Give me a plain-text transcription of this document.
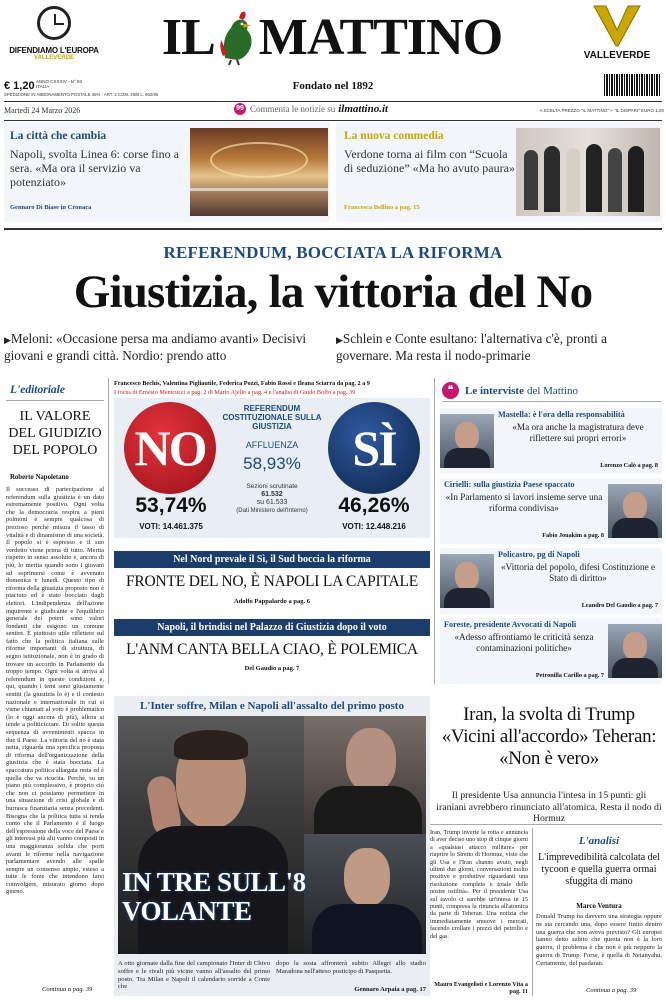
DIFENDIAMO L'EUROPA
VALLEVERDE	IL MATTINO	VALLEVERDE
€ 1,20 ANNO CXXXIV - N° 83
ITALIA
SPEDIZIONE IN ABBONAMENTO POSTALE 45% - ART. 2 COM. 20/B L. 662/96
Fondato nel 1892
Martedì 24 Marzo 2026	99 Commenta le notizie su ilmattino.it	A SCELTA PREZZO "IL MATTINO" + "IL DISPARI" EURO 1,20
La città che cambia
Napoli, svolta Linea 6: corse fino a sera. «Ma ora il servizio va potenziato»
Gennaro Di Biase in Cronaca
La nuova commedia
Verdone torna ai film con “Scuola di seduzione” «Ma ho avuto paura»
Francesca Bellino a pag. 15
REFERENDUM, BOCCIATA LA RIFORMA
Giustizia, la vittoria del No
▶Meloni: «Occasione persa ma andiamo avanti» Decisivi giovani e grandi città. Nordio: prendo atto
▶Schlein e Conte esultano: l'alternativa c'è, pronti a governare. Ma resta il nodo-primarie
L'editoriale
IL VALORE DEL GIUDIZIO DEL POPOLO
Roberto Napoletano
Il successo di partecipazione al referendum sulla giustizia è un dato estremamente positivo. Ogni volta che la democrazia respira a pieni polmoni è sempre qualcosa di prezioso perché misura il tasso di vitalità e di dinamismo di una società. Il popolo si è espresso e il suo verdetto viene prima di tutto. Merita rispetto in senso assoluto e, ancora di più, lo merita quando sono i giovani ad esprimersi come è avvenuto domenica e lunedì. Questo tipo di riforma della giustizia proposto non è piaciuto ed è stato bocciato dagli elettori. L'indipendenza dell'azione inquirente e giudicante e l'equilibrio generale dei poteri sono valori fondanti che esigono un comune sentire. È piuttosto utile riflettere sul fatto che la politica italiana sulle riforme importanti di struttura, di segno istituzionale, non è in grado di trovare un accordo in Parlamento da troppo tempo. Ogni volta si arriva al referendum in queste condizioni e, qui, quando i temi sono giustamente sentiti (la giustizia lo è) e il contesto nazionale e internazionale in cui si viene chiamati al voto è problematico (lo è oggi ancora di più), allora si tende a politicizzare. Di solito questa sequenza di avvenimenti spacca in due il Paese. La vittoria del no è stata netta, riguarda una specifica proposta di riforma dell'organizzazione della giustizia che è stata bocciata. La spaccatura politica allargata resta ed è quella che va ricucita. Perché, su un piano più complessivo, è proprio ciò che non ci possiamo permettere in una situazione di crisi globale e di burrasca finanziaria senza precedenti. Bisogna che la politica tutta si renda conto che il Parlamento è il luogo dell'espressione della voce del Paese e gli interessi più alti vanno composti in una maggioranza solida che porti avanti le riforme nella navigazione parlamentare avendo alle spalle sempre un consenso ampio, esteso a tutte le forze che intendono farsi coinvolgere, misurato giorno dopo giorno.
Continua a pag. 39
Francesco Bechis, Valentina Pigliautile, Federica Pozzi, Fabio Rossi e Ileana Sciarra da pag. 2 a 9
I focus di Ernesto Menicucci a pag. 2 di Mario Ajello a pag. 4 e l'analisi di Guido Boffo a pag. 39
NO	SÌ
REFERENDUM COSTITUZIONALE SULLA GIUSTIZIA
AFFLUENZA
58,93%
Sezioni scrutinate
61.532
su 61.533
(Dati Ministero dell'Interno)
53,74%
VOTI: 14.461.375
46,26%
VOTI: 12.448.216
Nel Nord prevale il Sì, il Sud boccia la riforma
FRONTE DEL NO, È NAPOLI LA CAPITALE
Adolfo Pappalardo a pag. 6
Napoli, il brindisi nel Palazzo di Giustizia dopo il voto
L'ANM CANTA BELLA CIAO, È POLEMICA
Del Gaudio a pag. 7
❝	Le interviste del Mattino
Mastella: è l'ora della responsabilità
«Ma ora anche la magistratura deve riflettere sui propri errori»
Lorenzo Calò a pag. 8
Cirielli: sulla giustizia Paese spaccato
«In Parlamento si lavori insieme serve una riforma condivisa»
Fabio Jouakim a pag. 8
Policastro, pg di Napoli
«Vittoria del popolo, difesi Costituzione e Stato di diritto»
Leandro Del Gaudio a pag. 7
Foreste, presidente Avvocati di Napoli
«Adesso affrontiamo le criticità senza contaminazioni politiche»
Petronilla Carillo a pag. 7
L'Inter soffre, Milan e Napoli all'assalto del primo posto
IN TRE SULL'8 VOLANTE
A otto giornate dalla fine del campionato l'Inter di Chivu soffre e le rivali più vicine vanno all'assalto del primo posto. Tra Milan e Napoli il calendario sorride a Conte che
dopo la sosta affronterà subito Allegri allo stadio Maradona nell'atteso posticipo di Pasquetta.
Gennaro Arpaia a pag. 17
Iran, la svolta di Trump «Vicini all'accordo» Teheran: «Non è vero»
Il presidente Usa annuncia l'intesa in 15 punti: gli iraniani avrebbero rinunciato all'atomica. Resta il nodo di Hormuz
Iran, Trump inverte la rotta e annuncia di aver deciso uno stop di cinque giorni a «qualsiasi attacco militare» per riaprire lo Stretto di Hormuz, visto che gli Usa e l'Iran «hanno avuto, negli ultimi due giorni, conversazioni molto positive e produttive riguardanti una risoluzione completa e totale delle nostre ostilità». Per il presidente Usa sul tavolo ci sarebbe un'intesa in 15 punti, compresa la rinuncia all'atomica da parte di Teheran. Una notizia che immediatamente smuove i mercati, facendo crollare i prezzi del petrolio e del gas.
Mauro Evangelisti e Lorenzo Vita a pag. 11
L'analisi
L'imprevedibilità calcolata del tycoon e quella guerra ormai sfuggita di mano
Marco Ventura
Donald Trump ha davvero una strategia oppure ne sta cercando una, dopo essere finito dentro una guerra che non aveva previsto? Gli europei hanno detto subito che questa non è la loro guerra, il problema è che non è più neppure la guerra di Trump. Forse, è quella di Netanyahu. Certamente, del pasdaran.
Continua a pag. 39
